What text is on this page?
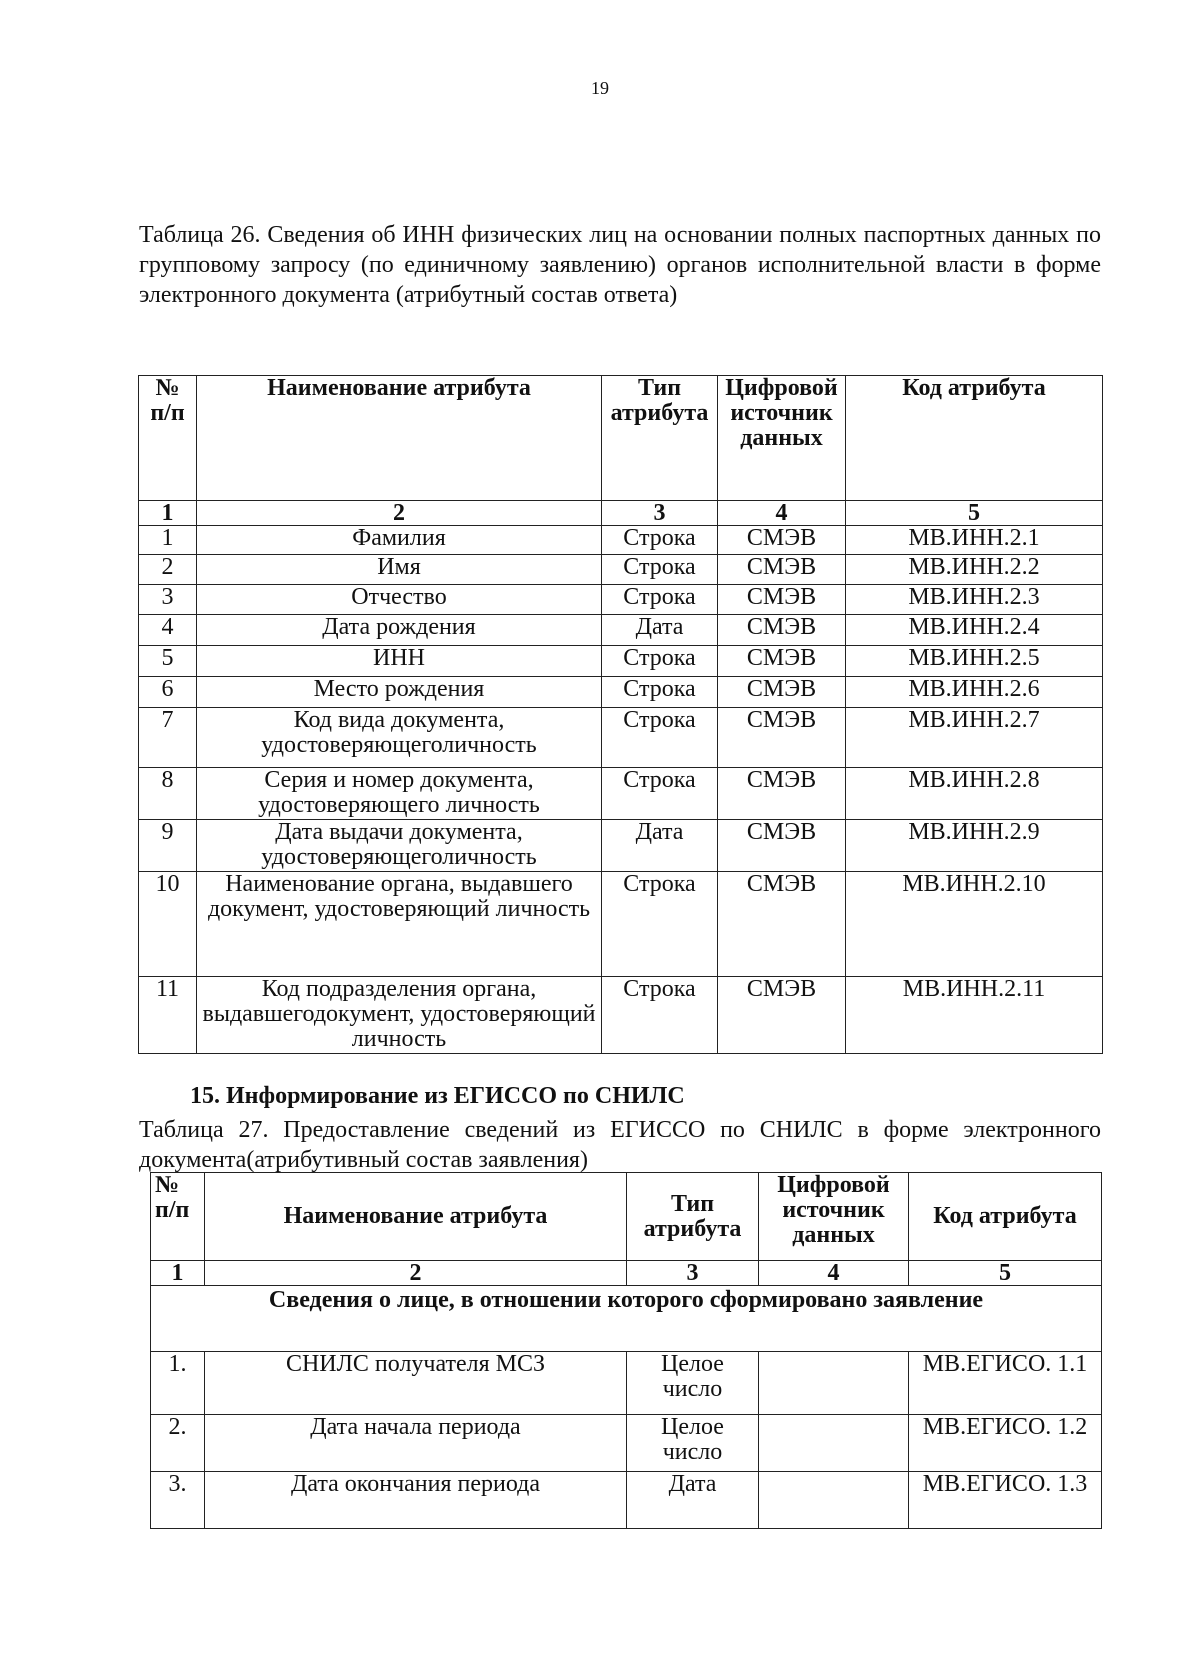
19
Таблица 26. Сведения об ИНН физических лиц на основании полных паспортных данных по групповому запросу (по единичному заявлению) органов исполнительной власти в форме электронного документа (атрибутный состав ответа)
№ п/п	Наименование атрибута	Тип атрибута	Цифровой источник данных	Код атрибута
1	2	3	4	5
1	Фамилия	Строка	СМЭВ	МВ.ИНН.2.1
2	Имя	Строка	СМЭВ	МВ.ИНН.2.2
3	Отчество	Строка	СМЭВ	МВ.ИНН.2.3
4	Дата рождения	Дата	СМЭВ	МВ.ИНН.2.4
5	ИНН	Строка	СМЭВ	МВ.ИНН.2.5
6	Место рождения	Строка	СМЭВ	МВ.ИНН.2.6
7	Код вида документа, удостоверяющеголичность	Строка	СМЭВ	МВ.ИНН.2.7
8	Серия и номер документа, удостоверяющего личность	Строка	СМЭВ	МВ.ИНН.2.8
9	Дата выдачи документа, удостоверяющеголичность	Дата	СМЭВ	МВ.ИНН.2.9
10	Наименование органа, выдавшего документ, удостоверяющий личность	Строка	СМЭВ	МВ.ИНН.2.10
11	Код подразделения органа, выдавшегодокумент, удостоверяющий личность	Строка	СМЭВ	МВ.ИНН.2.11
15. Информирование из ЕГИССО по СНИЛС
Таблица 27. Предоставление сведений из ЕГИССО по СНИЛС в форме электронного документа(атрибутивный состав заявления)
№ п/п	Наименование атрибута	Тип атрибута	Цифровой источник данных	Код атрибута
1	2	3	4	5
Сведения о лице, в отношении которого сформировано заявление				
1.	СНИЛС получателя МСЗ	Целое число		МВ.ЕГИСО. 1.1
2.	Дата начала периода	Целое число		МВ.ЕГИСО. 1.2
3.	Дата окончания периода	Дата		МВ.ЕГИСО. 1.3
